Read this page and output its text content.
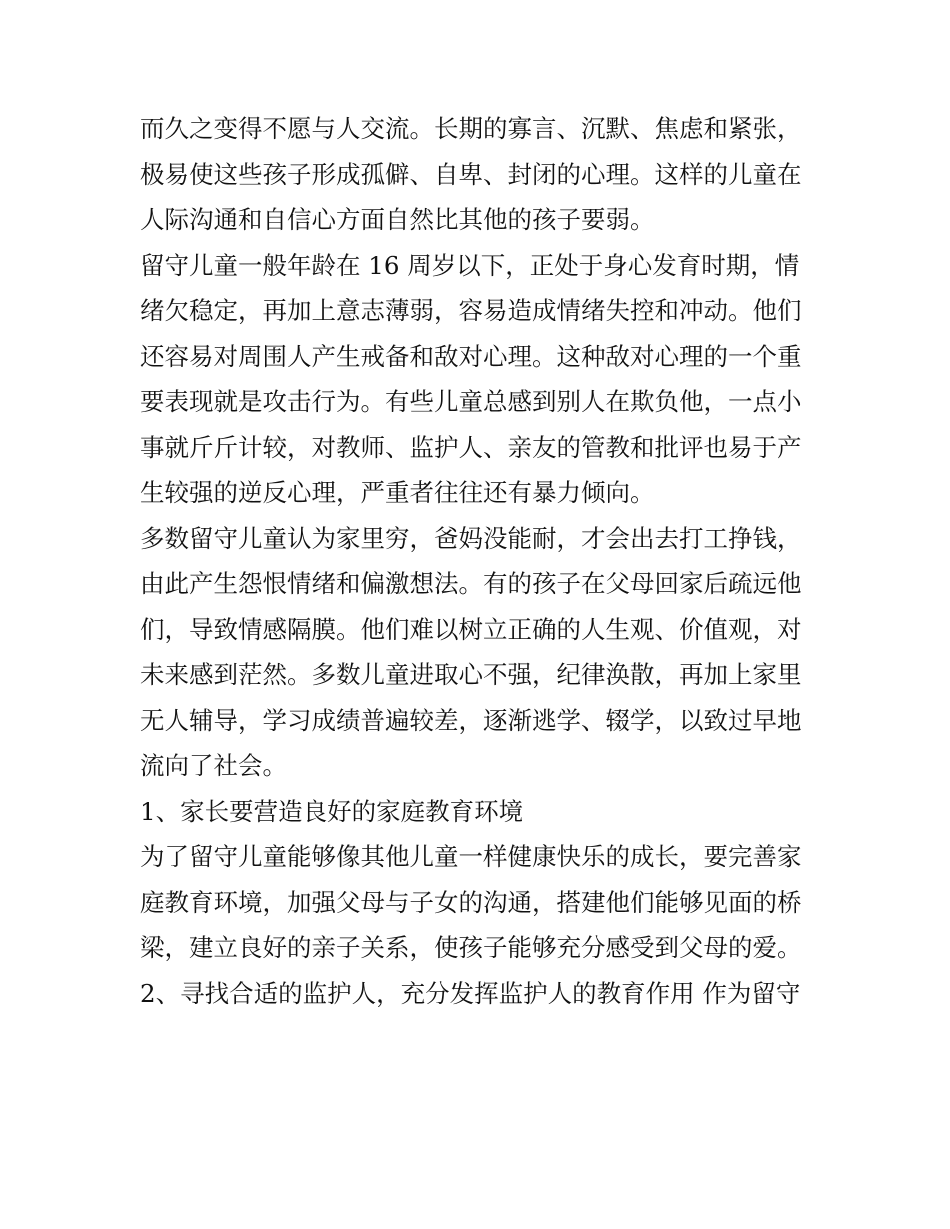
而久之变得不愿与人交流。长期的寡言、沉默、焦虑和紧张，
极易使这些孩子形成孤僻、自卑、封闭的心理。这样的儿童在
人际沟通和自信心方面自然比其他的孩子要弱。
留守儿童一般年龄在 16 周岁以下，正处于身心发育时期，情
绪欠稳定，再加上意志薄弱，容易造成情绪失控和冲动。他们
还容易对周围人产生戒备和敌对心理。这种敌对心理的一个重
要表现就是攻击行为。有些儿童总感到别人在欺负他，一点小
事就斤斤计较，对教师、监护人、亲友的管教和批评也易于产
生较强的逆反心理，严重者往往还有暴力倾向。
多数留守儿童认为家里穷，爸妈没能耐，才会出去打工挣钱，
由此产生怨恨情绪和偏激想法。有的孩子在父母回家后疏远他
们，导致情感隔膜。他们难以树立正确的人生观、价值观，对
未来感到茫然。多数儿童进取心不强，纪律涣散，再加上家里
无人辅导，学习成绩普遍较差，逐渐逃学、辍学，以致过早地
流向了社会。
1、家长要营造良好的家庭教育环境
为了留守儿童能够像其他儿童一样健康快乐的成长，要完善家
庭教育环境，加强父母与子女的沟通，搭建他们能够见面的桥
梁，建立良好的亲子关系，使孩子能够充分感受到父母的爱。
2、寻找合适的监护人，充分发挥监护人的教育作用 作为留守
